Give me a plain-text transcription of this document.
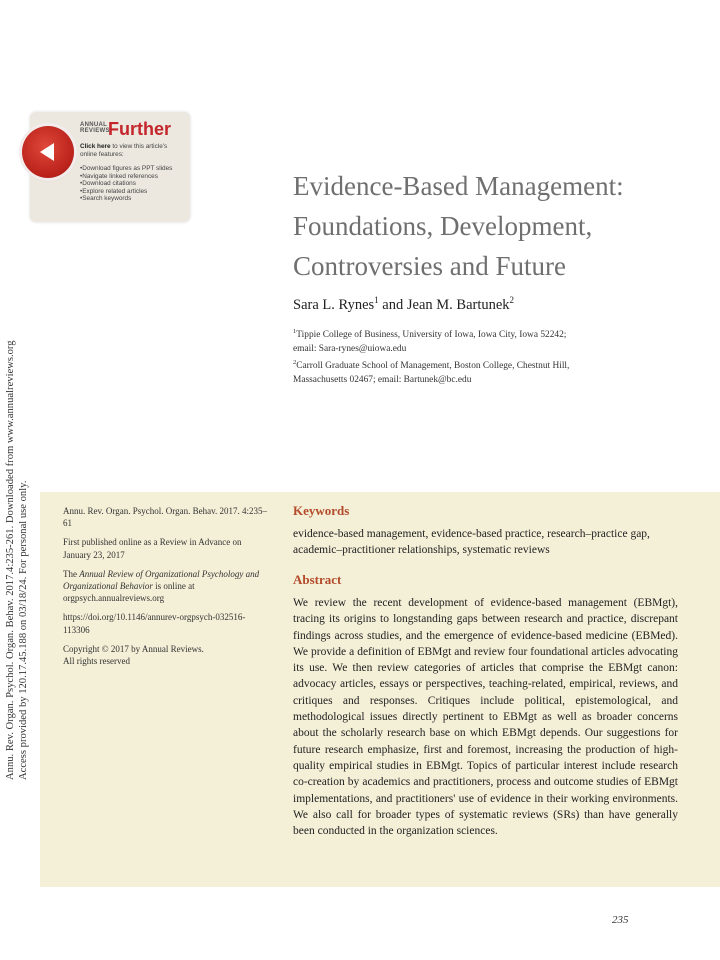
Annu. Rev. Organ. Psychol. Organ. Behav. 2017.4:235-261. Downloaded from www.annualreviews.org Access provided by 120.17.45.188 on 03/18/24. For personal use only.
ANNUAL
REVIEWS
Further
Click here to view this article's online features:
• Download figures as PPT slides
• Navigate linked references
• Download citations
• Explore related articles
• Search keywords	Evidence-Based Management:
Foundations, Development,
Controversies and Future
Sara L. Rynes$^1$ and Jean M. Bartunek$^2$
$^1$Tippie College of Business, University of Iowa, Iowa City, Iowa 52242;
email: Sara-rynes@uiowa.edu
$^2$Carroll Graduate School of Management, Boston College, Chestnut Hill,
Massachusetts 02467; email: Bartunek@bc.edu

Annu. Rev. Organ. Psychol. Organ. Behav. 2017. 4:235–61

First published online as a Review in Advance on January 23, 2017

The Annual Review of Organizational Psychology and Organizational Behavior is online at orgpsych.annualreviews.org

https://doi.org/10.1146/annurev-orgpsych-032516-113306

Copyright © 2017 by Annual Reviews.
All rights reserved

Keywords
evidence-based management, evidence-based practice, research–practice gap, academic–practitioner relationships, systematic reviews
Abstract

We review the recent development of evidence-based management (EBMgt), tracing its origins to longstanding gaps between research and practice, discrepant findings across studies, and the emergence of evidence-based medicine (EBMed). We provide a definition of EBMgt and review four foundational articles advocating its use. We then review categories of articles that comprise the EBMgt canon: advocacy articles, essays or perspectives, teaching-related, empirical, reviews, and critiques and responses. Critiques include political, epistemological, and methodological issues directly pertinent to EBMgt as well as broader concerns about the scholarly research base on which EBMgt depends. Our suggestions for future research emphasize, first and foremost, increasing the production of high-quality empirical studies in EBMgt. Topics of particular interest include research co-creation by academics and practitioners, process and outcome studies of EBMgt implementations, and practitioners' use of evidence in their working environments. We also call for broader types of systematic reviews (SRs) than have generally been conducted in the organization sciences.

235
